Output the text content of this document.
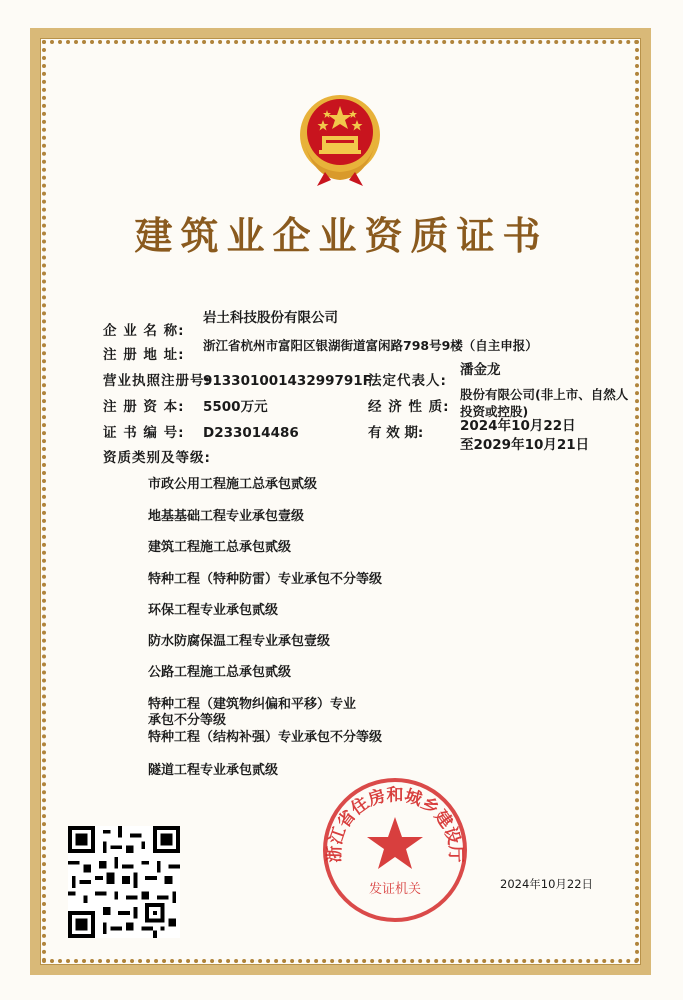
建筑业企业资质证书
企 业 名 称:
岩土科技股份有限公司
注 册 地 址:
浙江省杭州市富阳区银湖街道富闲路798号9楼（自主申报）
营业执照注册号:
91330100143299791F
法定代表人:
潘金龙
注 册 资 本: 5500万元	经 济 性 质:
股份有限公司(非上市、自然人投资或控股)
证 书 编 号: D233014486	有 效 期:	2024年10月22日
至2029年10月21日
资质类别及等级:
市政公用工程施工总承包贰级
地基基础工程专业承包壹级
建筑工程施工总承包贰级
特种工程（特种防雷）专业承包不分等级
环保工程专业承包贰级
防水防腐保温工程专业承包壹级
公路工程施工总承包贰级
特种工程（建筑物纠偏和平移）专业承包不分等级
特种工程（结构补强）专业承包不分等级
隧道工程专业承包贰级
浙江省住房和城乡建设厅
发证机关	2024年10月22日
